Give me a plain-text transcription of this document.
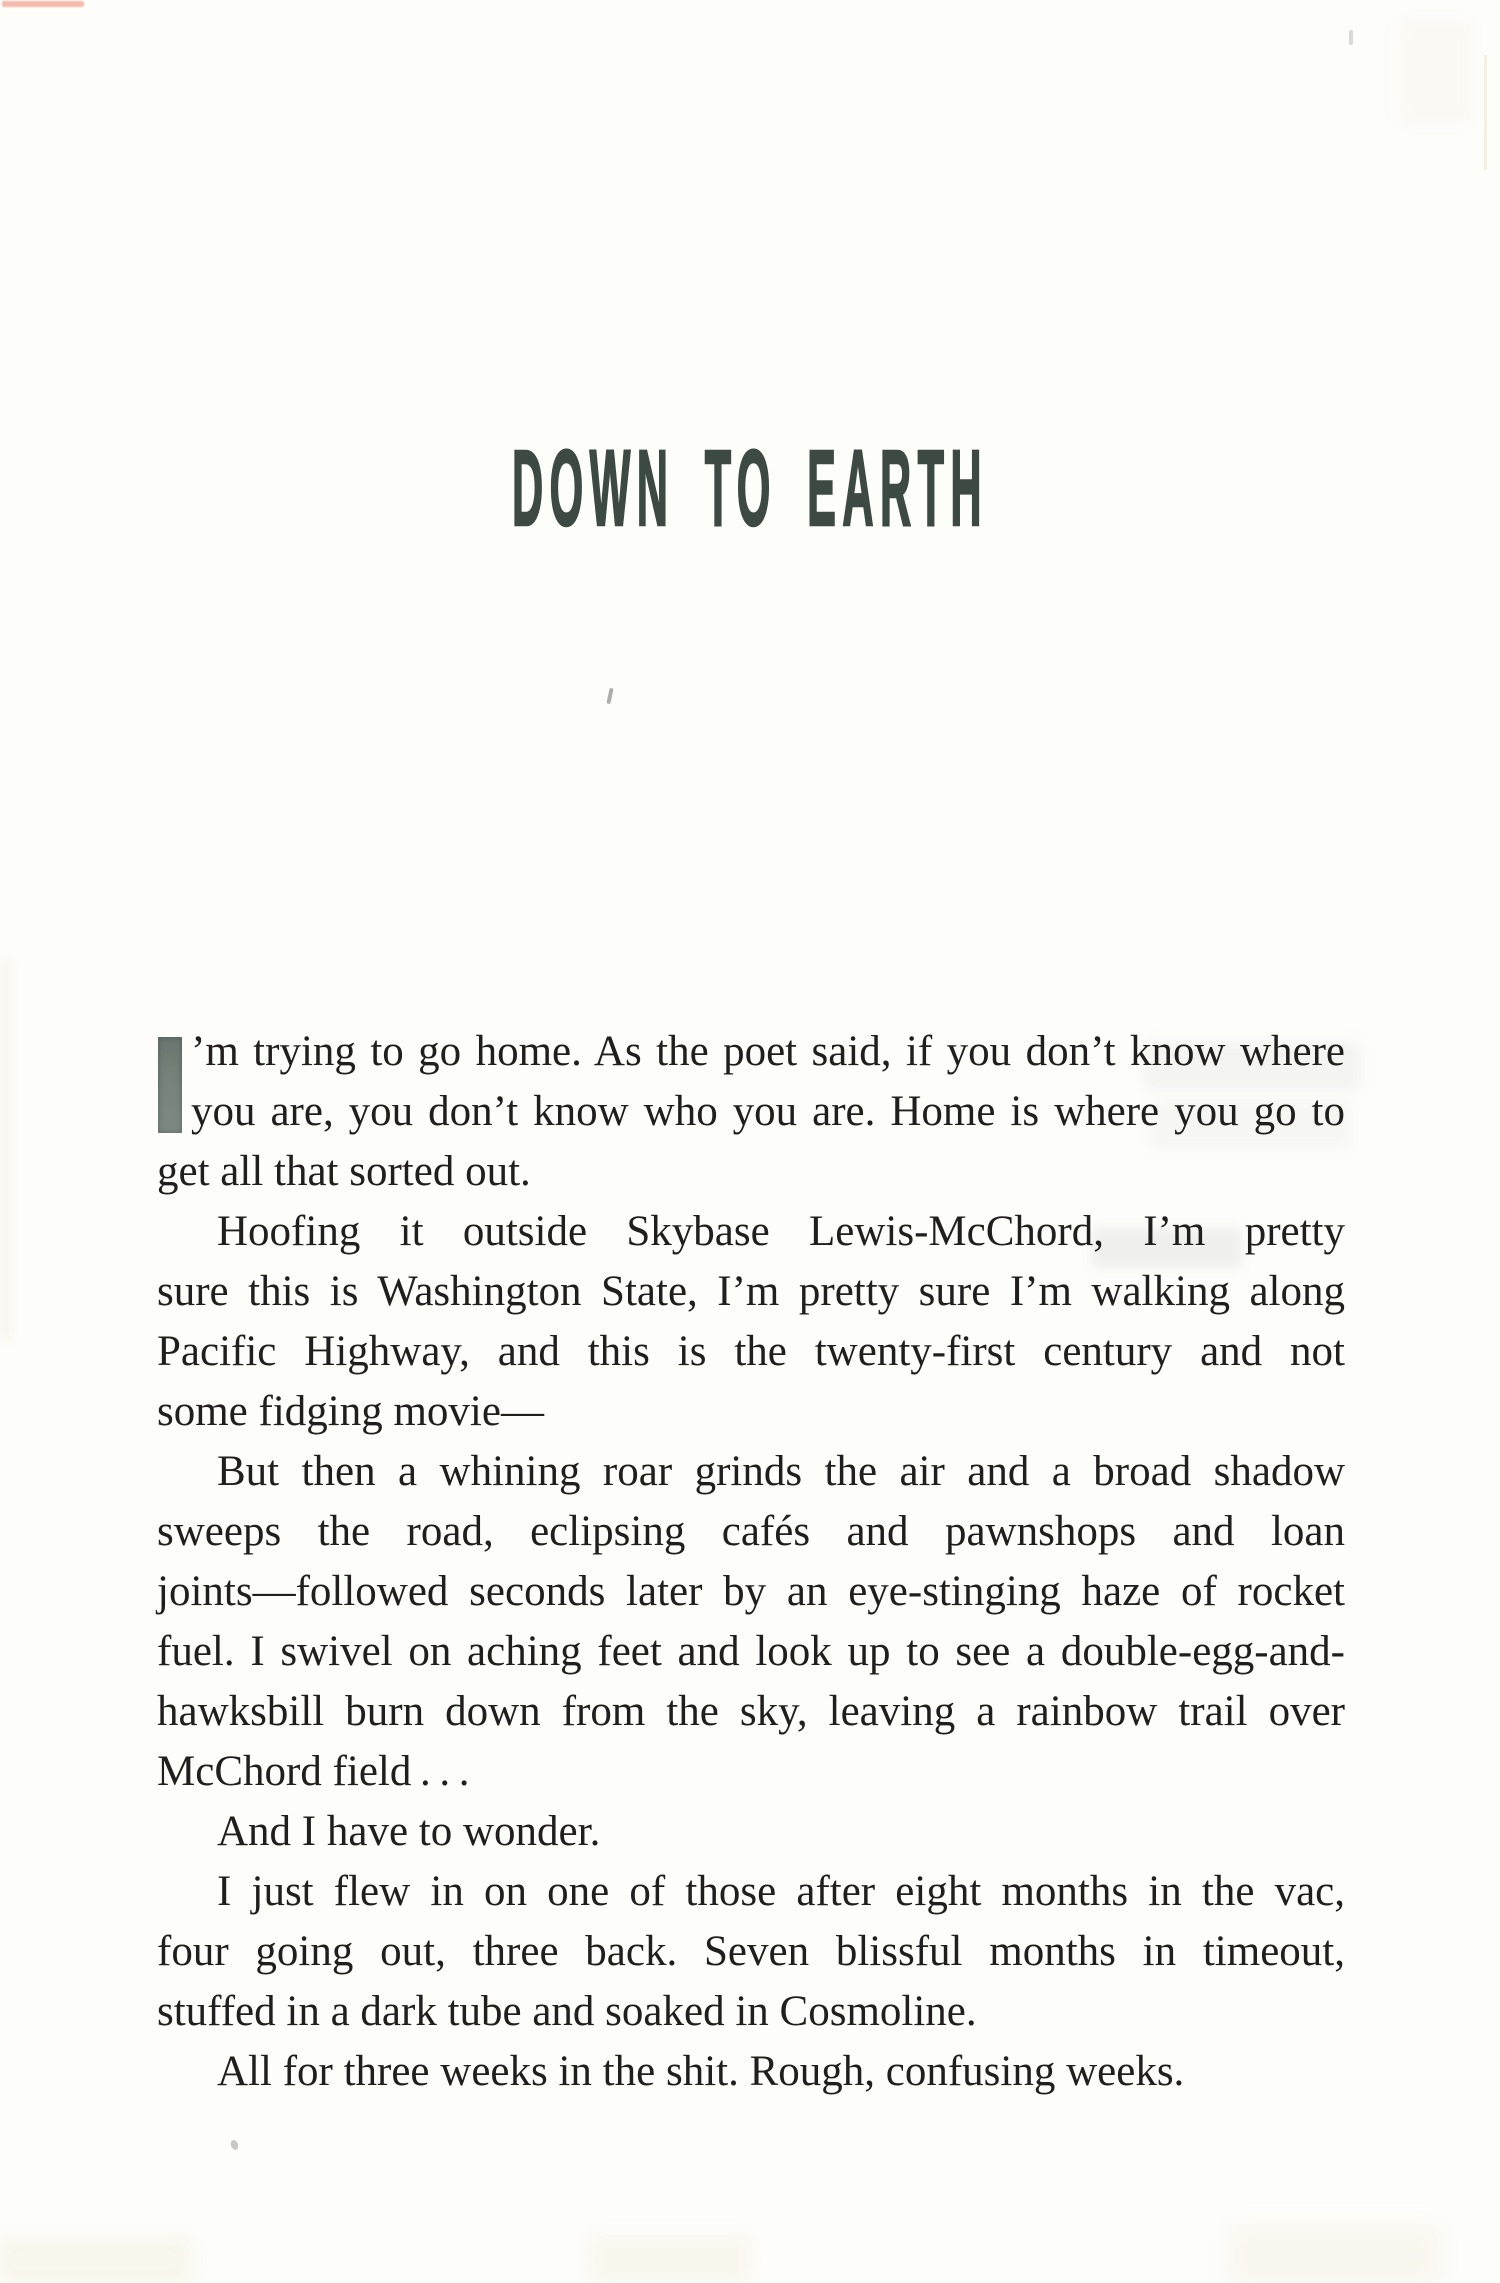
DOWN TO EARTH
’m trying to go home. As the poet said, if you don’t know where
you are, you don’t know who you are. Home is where you go to
get all that sorted out.
Hoofing it outside Skybase Lewis-McChord, I’m pretty
sure this is Washington State, I’m pretty sure I’m walking along
Pacific Highway, and this is the twenty-first century and not
some fidging movie—
But then a whining roar grinds the air and a broad shadow
sweeps the road, eclipsing cafés and pawnshops and loan
joints—followed seconds later by an eye-stinging haze of rocket
fuel. I swivel on aching feet and look up to see a double-egg-and-
hawksbill burn down from the sky, leaving a rainbow trail over
McChord field . . .
And I have to wonder.
I just flew in on one of those after eight months in the vac,
four going out, three back. Seven blissful months in timeout,
stuffed in a dark tube and soaked in Cosmoline.
All for three weeks in the shit. Rough, confusing weeks.
